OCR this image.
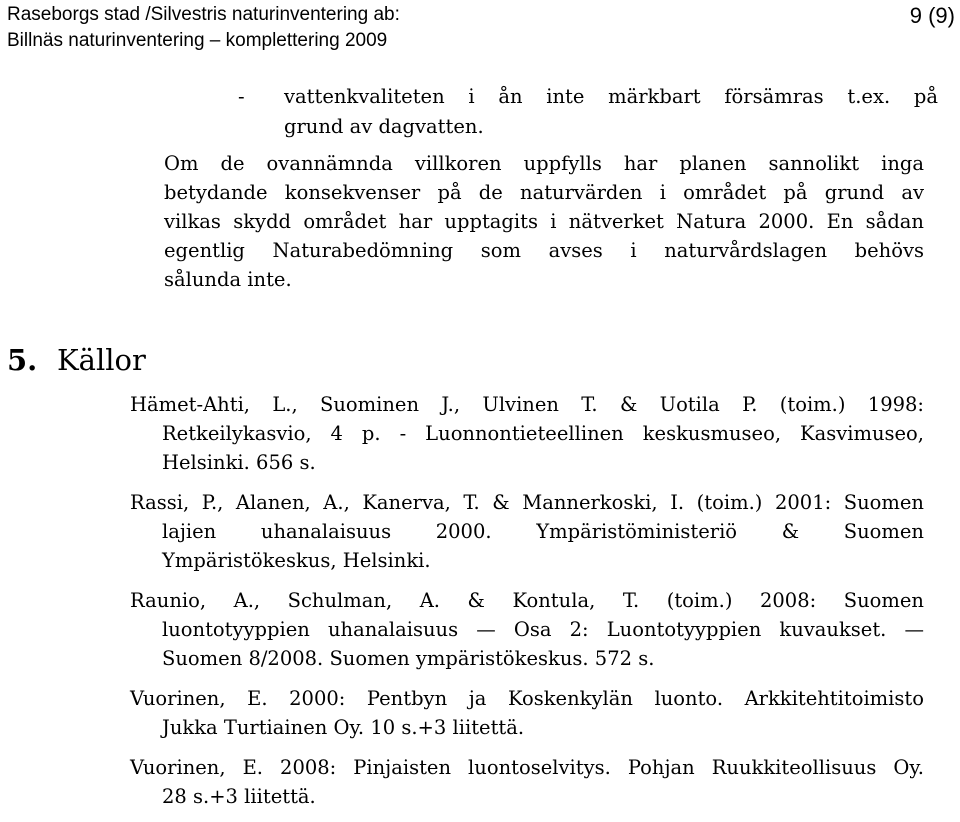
Raseborgs stad /Silvestris naturinventering ab:
Billnäs naturinventering – komplettering 2009
9 (9)
- vattenkvaliteten i ån inte märkbart försämras t.ex. på
grund av dagvatten.
Om de ovannämnda villkoren uppfylls har planen sannolikt inga
betydande konsekvenser på de naturvärden i området på grund av
vilkas skydd området har upptagits i nätverket Natura 2000. En sådan
egentlig Naturabedömning som avses i naturvårdslagen behövs
sålunda inte.
5. Källor
Hämet-Ahti, L., Suominen J., Ulvinen T. & Uotila P. (toim.) 1998:
Retkeilykasvio, 4 p. - Luonnontieteellinen keskusmuseo, Kasvimuseo,
Helsinki. 656 s.
Rassi, P., Alanen, A., Kanerva, T. & Mannerkoski, I. (toim.) 2001: Suomen
lajien uhanalaisuus 2000. Ympäristöministeriö & Suomen
Ympäristökeskus, Helsinki.
Raunio, A., Schulman, A. & Kontula, T. (toim.) 2008: Suomen
luontotyyppien uhanalaisuus — Osa 2: Luontotyyppien kuvaukset. —
Suomen 8/2008. Suomen ympäristökeskus. 572 s.
Vuorinen, E. 2000: Pentbyn ja Koskenkylän luonto. Arkkitehtitoimisto
Jukka Turtiainen Oy. 10 s.+3 liitettä.
Vuorinen, E. 2008: Pinjaisten luontoselvitys. Pohjan Ruukkiteollisuus Oy.
28 s.+3 liitettä.
